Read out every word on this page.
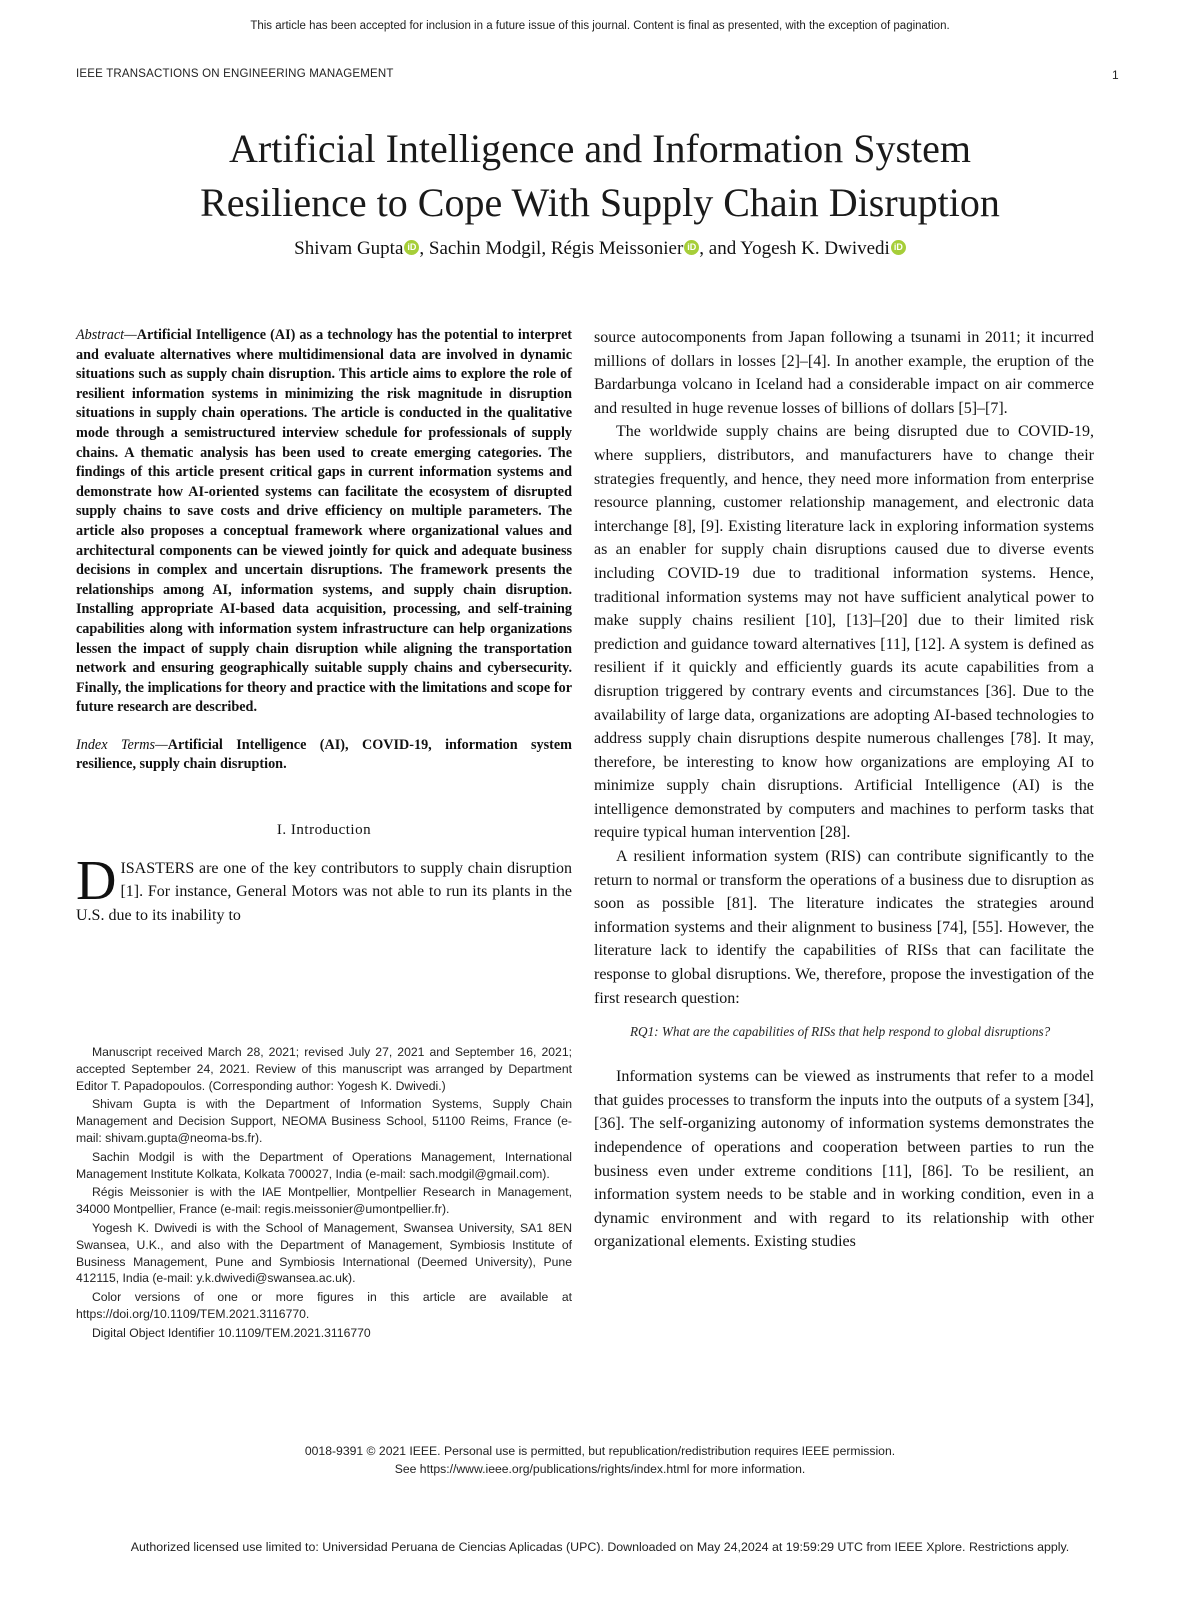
This article has been accepted for inclusion in a future issue of this journal. Content is final as presented, with the exception of pagination.
IEEE TRANSACTIONS ON ENGINEERING MANAGEMENT	1
Artificial Intelligence and Information System
Resilience to Cope With Supply Chain Disruption
Shivam Gupta iD , Sachin Modgil, Régis Meissonier iD , and Yogesh K. Dwivedi iD

Abstract—Artificial Intelligence (AI) as a technology has the potential to interpret and evaluate alternatives where multidimensional data are involved in dynamic situations such as supply chain disruption. This article aims to explore the role of resilient information systems in minimizing the risk magnitude in disruption situations in supply chain operations. The article is conducted in the qualitative mode through a semistructured interview schedule for professionals of supply chains. A thematic analysis has been used to create emerging categories. The findings of this article present critical gaps in current information systems and demonstrate how AI-oriented systems can facilitate the ecosystem of disrupted supply chains to save costs and drive efficiency on multiple parameters. The article also proposes a conceptual framework where organizational values and architectural components can be viewed jointly for quick and adequate business decisions in complex and uncertain disruptions. The framework presents the relationships among AI, information systems, and supply chain disruption. Installing appropriate AI-based data acquisition, processing, and self-training capabilities along with information system infrastructure can help organizations lessen the impact of supply chain disruption while aligning the transportation network and ensuring geographically suitable supply chains and cybersecurity. Finally, the implications for theory and practice with the limitations and scope for future research are described.

Index Terms—Artificial Intelligence (AI), COVID-19, information system resilience, supply chain disruption.

I. Introduction

DISASTERS are one of the key contributors to supply chain disruption [1]. For instance, General Motors was not able to run its plants in the U.S. due to its inability to

Manuscript received March 28, 2021; revised July 27, 2021 and September 16, 2021; accepted September 24, 2021. Review of this manuscript was arranged by Department Editor T. Papadopoulos. (Corresponding author: Yogesh K. Dwivedi.)

Shivam Gupta is with the Department of Information Systems, Supply Chain Management and Decision Support, NEOMA Business School, 51100 Reims, France (e-mail: shivam.gupta@neoma-bs.fr).

Sachin Modgil is with the Department of Operations Management, International Management Institute Kolkata, Kolkata 700027, India (e-mail: sach.modgil@gmail.com).

Régis Meissonier is with the IAE Montpellier, Montpellier Research in Management, 34000 Montpellier, France (e-mail: regis.meissonier@umontpellier.fr).

Yogesh K. Dwivedi is with the School of Management, Swansea University, SA1 8EN Swansea, U.K., and also with the Department of Management, Symbiosis Institute of Business Management, Pune and Symbiosis International (Deemed University), Pune 412115, India (e-mail: y.k.dwivedi@swansea.ac.uk).

Color versions of one or more figures in this article are available at https://doi.org/10.1109/TEM.2021.3116770.

Digital Object Identifier 10.1109/TEM.2021.3116770

source autocomponents from Japan following a tsunami in 2011; it incurred millions of dollars in losses [2]–[4]. In another example, the eruption of the Bardarbunga volcano in Iceland had a considerable impact on air commerce and resulted in huge revenue losses of billions of dollars [5]–[7].

The worldwide supply chains are being disrupted due to COVID-19, where suppliers, distributors, and manufacturers have to change their strategies frequently, and hence, they need more information from enterprise resource planning, customer relationship management, and electronic data interchange [8], [9]. Existing literature lack in exploring information systems as an enabler for supply chain disruptions caused due to diverse events including COVID-19 due to traditional information systems. Hence, traditional information systems may not have sufficient analytical power to make supply chains resilient [10], [13]–[20] due to their limited risk prediction and guidance toward alternatives [11], [12]. A system is defined as resilient if it quickly and efficiently guards its acute capabilities from a disruption triggered by contrary events and circumstances [36]. Due to the availability of large data, organizations are adopting AI-based technologies to address supply chain disruptions despite numerous challenges [78]. It may, therefore, be interesting to know how organizations are employing AI to minimize supply chain disruptions. Artificial Intelligence (AI) is the intelligence demonstrated by computers and machines to perform tasks that require typical human intervention [28].

A resilient information system (RIS) can contribute significantly to the return to normal or transform the operations of a business due to disruption as soon as possible [81]. The literature indicates the strategies around information systems and their alignment to business [74], [55]. However, the literature lack to identify the capabilities of RISs that can facilitate the response to global disruptions. We, therefore, propose the investigation of the first research question:

RQ1: What are the capabilities of RISs that help respond to global disruptions?

Information systems can be viewed as instruments that refer to a model that guides processes to transform the inputs into the outputs of a system [34], [36]. The self-organizing autonomy of information systems demonstrates the independence of operations and cooperation between parties to run the business even under extreme conditions [11], [86]. To be resilient, an information system needs to be stable and in working condition, even in a dynamic environment and with regard to its relationship with other organizational elements. Existing studies

0018-9391 © 2021 IEEE. Personal use is permitted, but republication/redistribution requires IEEE permission.
See https://www.ieee.org/publications/rights/index.html for more information.
Authorized licensed use limited to: Universidad Peruana de Ciencias Aplicadas (UPC). Downloaded on May 24,2024 at 19:59:29 UTC from IEEE Xplore. Restrictions apply.
